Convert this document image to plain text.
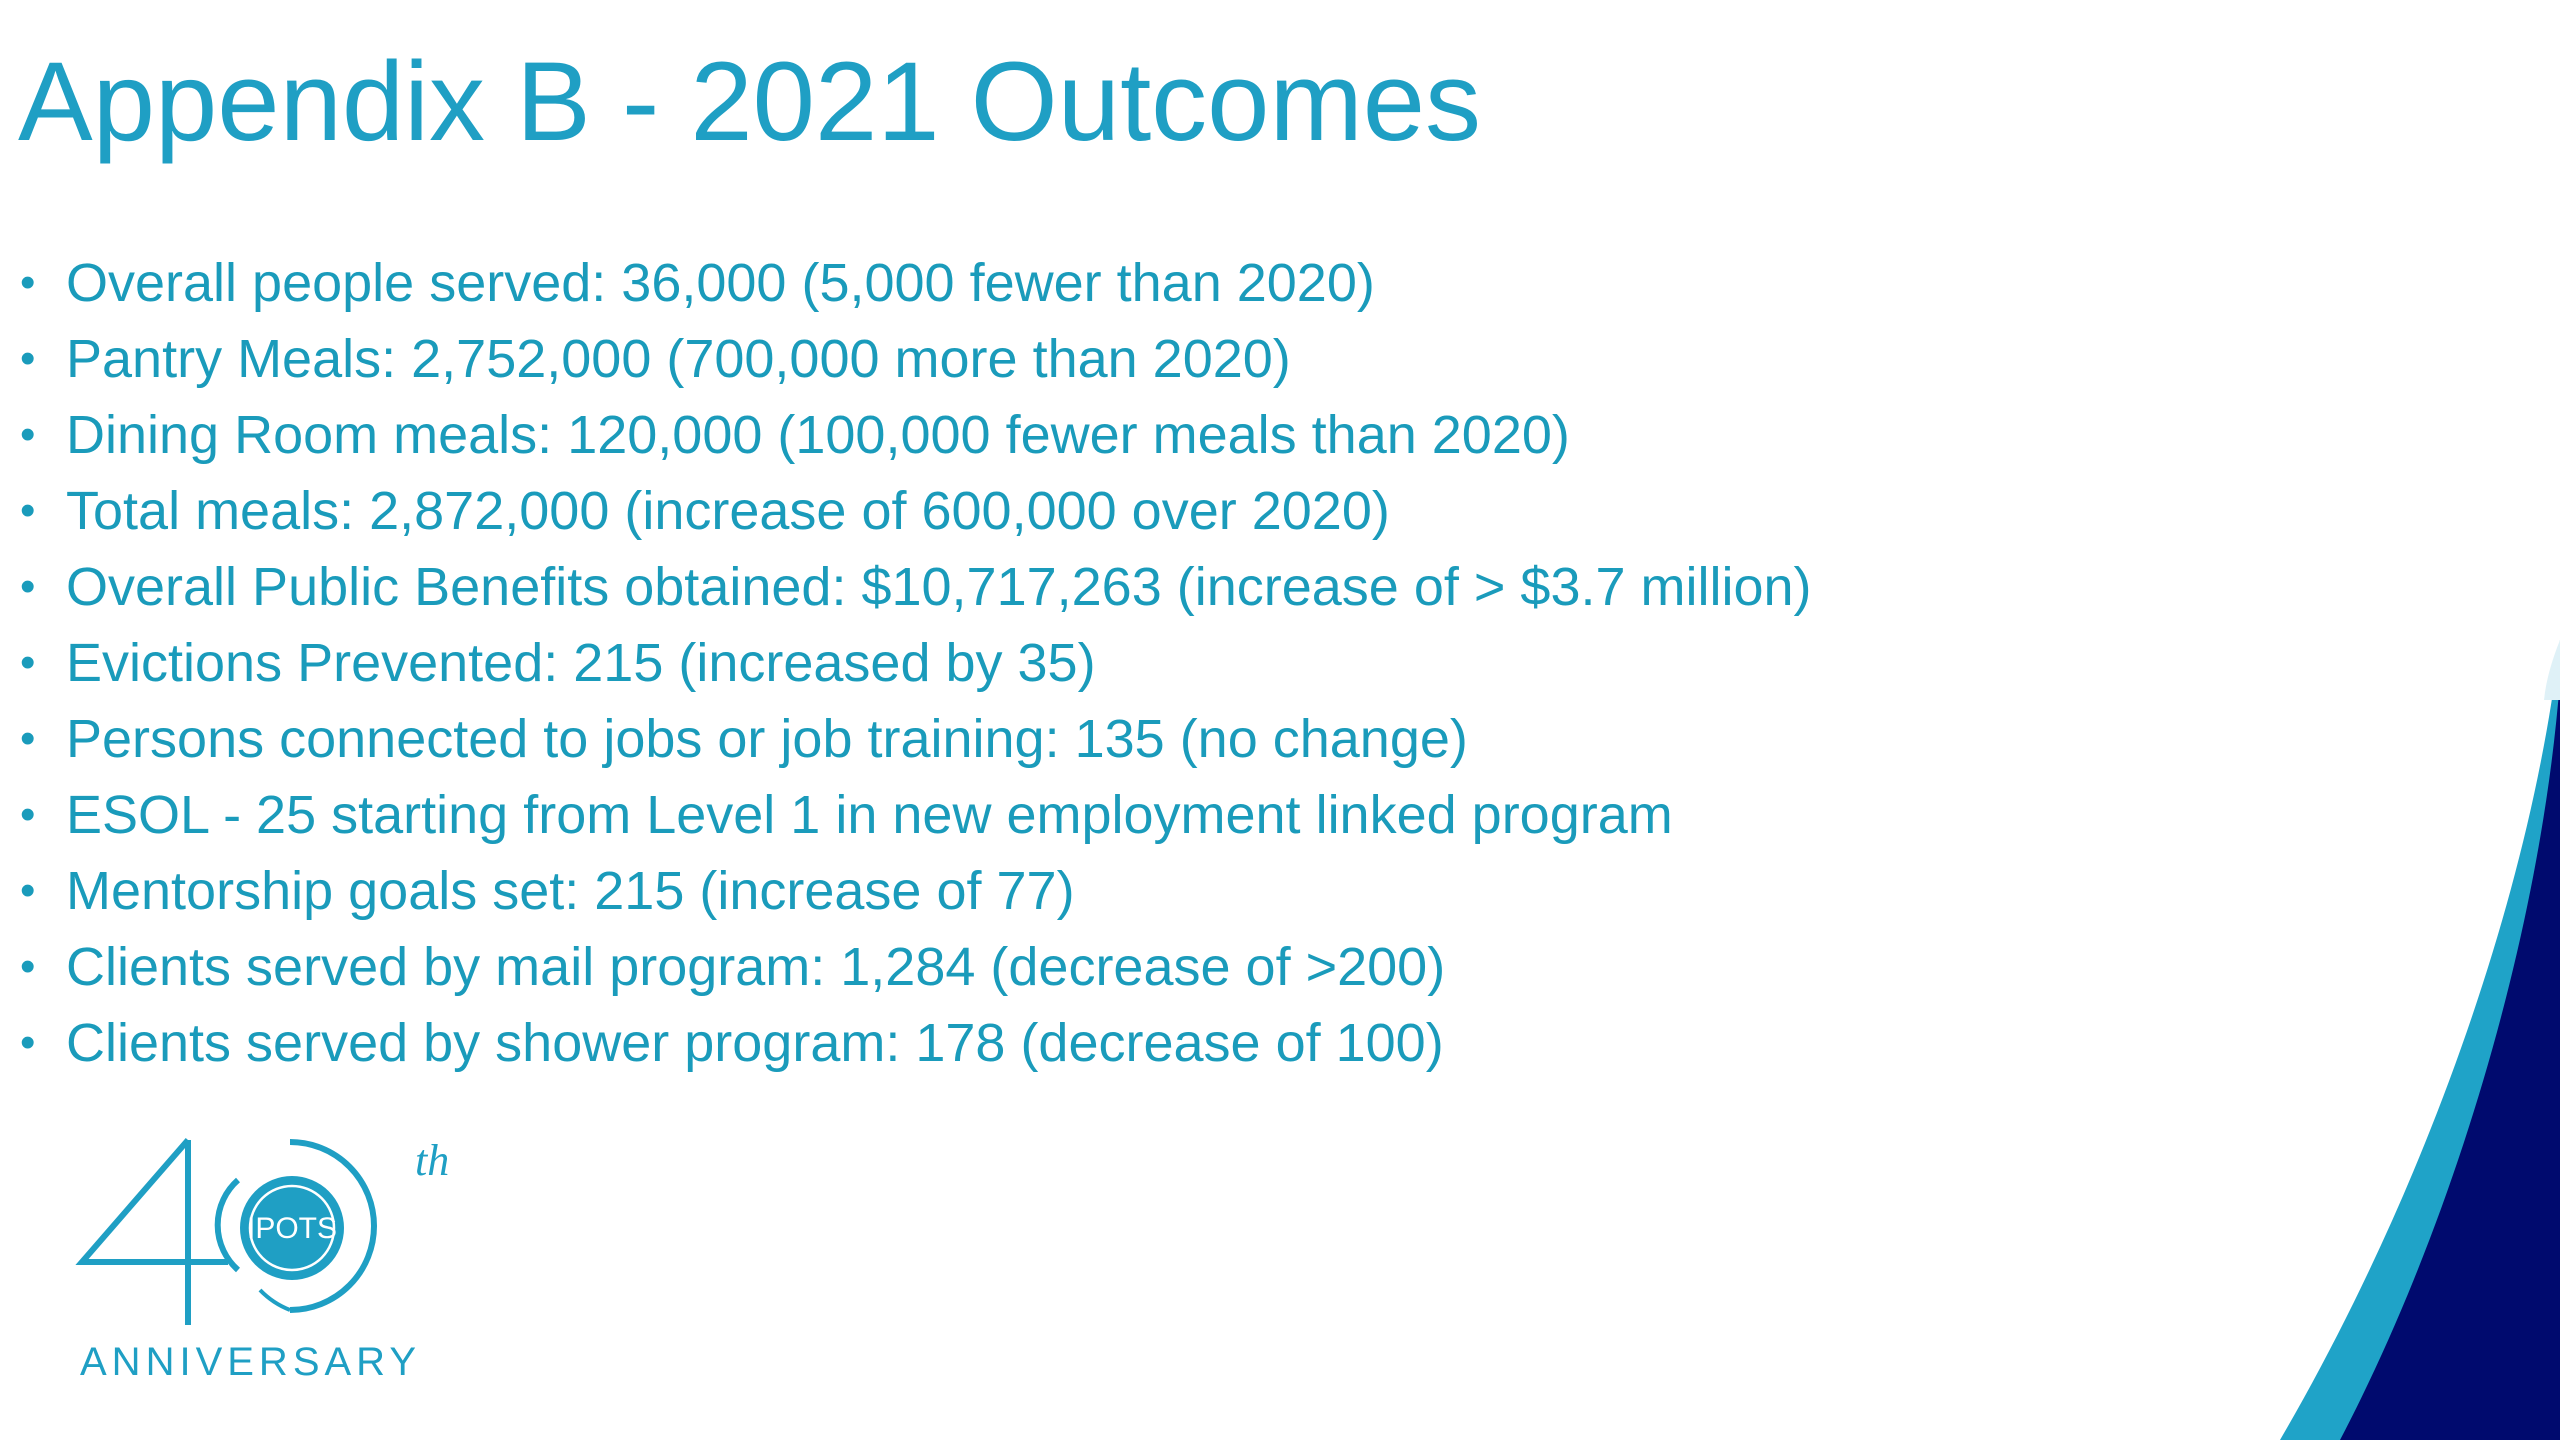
Appendix B - 2021 Outcomes
• Overall people served: 36,000 (5,000 fewer than 2020)
• Pantry Meals: 2,752,000 (700,000 more than 2020)
• Dining Room meals: 120,000 (100,000 fewer meals than 2020)
• Total meals: 2,872,000 (increase of 600,000 over 2020)
• Overall Public Benefits obtained: $10,717,263 (increase of > $3.7 million)
• Evictions Prevented: 215 (increased by 35)
• Persons connected to jobs or job training: 135 (no change)
• ESOL - 25 starting from Level 1 in new employment linked program
• Mentorship goals set: 215 (increase of 77)
• Clients served by mail program: 1,284 (decrease of >200)
• Clients served by shower program: 178 (decrease of 100)
IPOTS
th
ANNIVERSARY
